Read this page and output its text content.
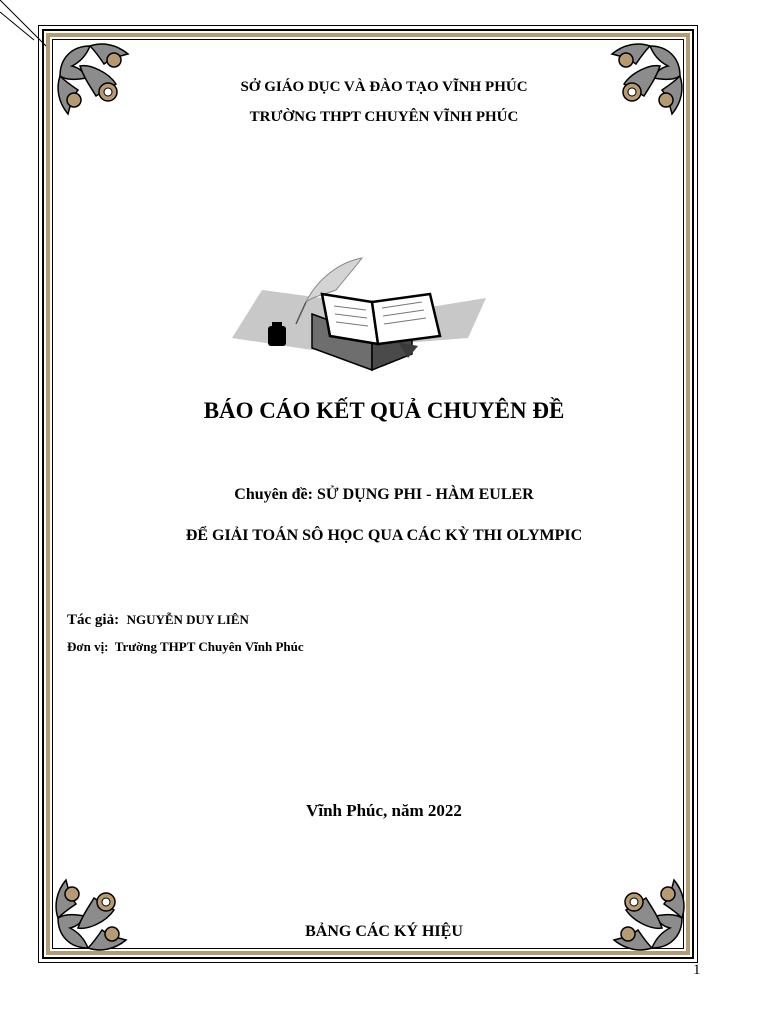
SỞ GIÁO DỤC VÀ ĐÀO TẠO VĨNH PHÚC
TRƯỜNG THPT CHUYÊN VĨNH PHÚC
BÁO CÁO KẾT QUẢ CHUYÊN ĐỀ
Chuyên đề: SỬ DỤNG PHI - HÀM EULER
ĐỂ GIẢI TOÁN SÔ HỌC QUA CÁC KỲ THI OLYMPIC
Tác giả: NGUYỄN DUY LIÊN
Đơn vị: Trường THPT Chuyên Vĩnh Phúc
Vĩnh Phúc, năm 2022
BẢNG CÁC KÝ HIỆU
1
